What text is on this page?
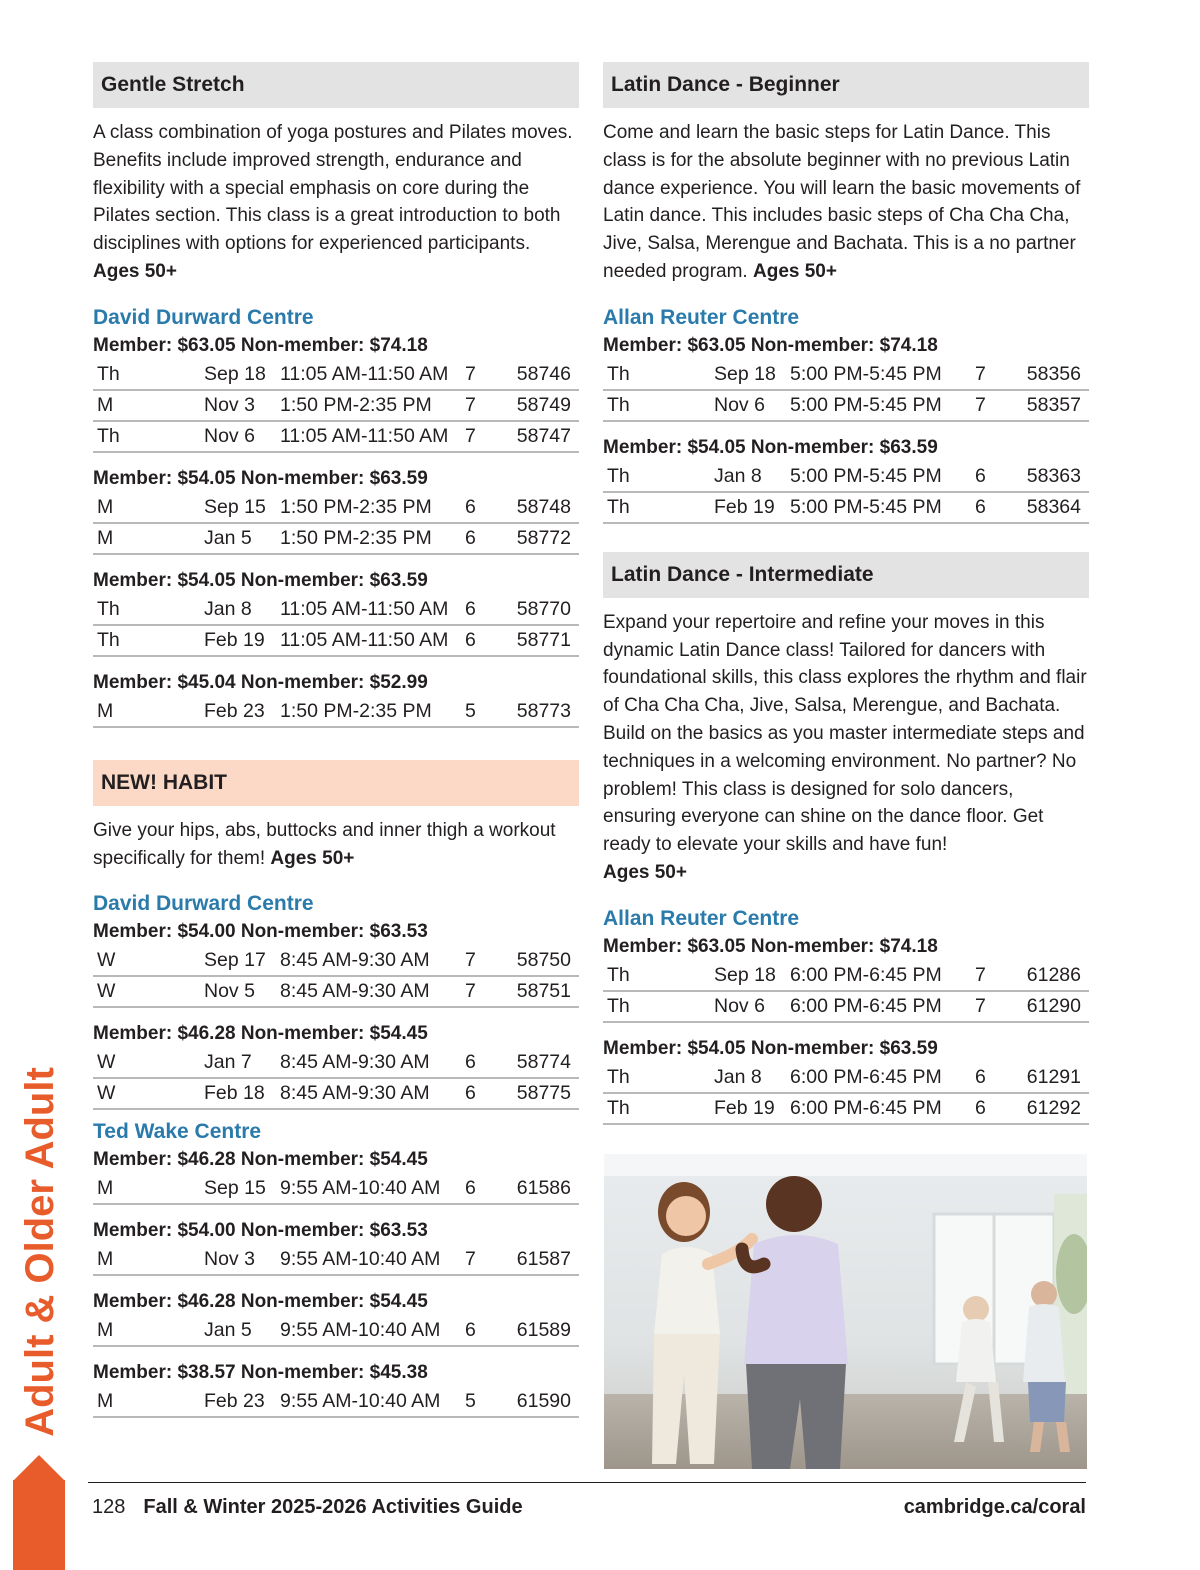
Gentle Stretch
A class combination of yoga postures and Pilates moves. Benefits include improved strength, endurance and flexibility with a special emphasis on core during the Pilates section. This class is a great introduction to both disciplines with options for experienced participants.
Ages 50+
David Durward Centre
Member: $63.05 Non-member: $74.18
Th	Sep 18	11:05 AM-11:50 AM	7	58746
M	Nov 3	1:50 PM-2:35 PM	7	58749
Th	Nov 6	11:05 AM-11:50 AM	7	58747
Member: $54.05 Non-member: $63.59
M	Sep 15	1:50 PM-2:35 PM	6	58748
M	Jan 5	1:50 PM-2:35 PM	6	58772
Member: $54.05 Non-member: $63.59
Th	Jan 8	11:05 AM-11:50 AM	6	58770
Th	Feb 19	11:05 AM-11:50 AM	6	58771
Member: $45.04 Non-member: $52.99
M	Feb 23	1:50 PM-2:35 PM	5	58773
NEW! HABIT
Give your hips, abs, buttocks and inner thigh a workout specifically for them! Ages 50+
David Durward Centre
Member: $54.00 Non-member: $63.53
W	Sep 17	8:45 AM-9:30 AM	7	58750
W	Nov 5	8:45 AM-9:30 AM	7	58751
Member: $46.28 Non-member: $54.45
W	Jan 7	8:45 AM-9:30 AM	6	58774
W	Feb 18	8:45 AM-9:30 AM	6	58775
Ted Wake Centre
Member: $46.28 Non-member: $54.45
M	Sep 15	9:55 AM-10:40 AM	6	61586
Member: $54.00 Non-member: $63.53
M	Nov 3	9:55 AM-10:40 AM	7	61587
Member: $46.28 Non-member: $54.45
M	Jan 5	9:55 AM-10:40 AM	6	61589
Member: $38.57 Non-member: $45.38
M	Feb 23	9:55 AM-10:40 AM	5	61590
Latin Dance - Beginner
Come and learn the basic steps for Latin Dance. This class is for the absolute beginner with no previous Latin dance experience. You will learn the basic movements of Latin dance. This includes basic steps of Cha Cha Cha, Jive, Salsa, Merengue and Bachata. This is a no partner needed program. Ages 50+
Allan Reuter Centre
Member: $63.05 Non-member: $74.18
Th	Sep 18	5:00 PM-5:45 PM	7	58356
Th	Nov 6	5:00 PM-5:45 PM	7	58357
Member: $54.05 Non-member: $63.59
Th	Jan 8	5:00 PM-5:45 PM	6	58363
Th	Feb 19	5:00 PM-5:45 PM	6	58364
Latin Dance - Intermediate
Expand your repertoire and refine your moves in this dynamic Latin Dance class! Tailored for dancers with foundational skills, this class explores the rhythm and flair of Cha Cha Cha, Jive, Salsa, Merengue, and Bachata. Build on the basics as you master intermediate steps and techniques in a welcoming environment. No partner? No problem! This class is designed for solo dancers, ensuring everyone can shine on the dance floor. Get ready to elevate your skills and have fun!
Ages 50+
Allan Reuter Centre
Member: $63.05 Non-member: $74.18
Th	Sep 18	6:00 PM-6:45 PM	7	61286
Th	Nov 6	6:00 PM-6:45 PM	7	61290
Member: $54.05 Non-member: $63.59
Th	Jan 8	6:00 PM-6:45 PM	6	61291
Th	Feb 19	6:00 PM-6:45 PM	6	61292
Adult & Older Adult
128 Fall & Winter 2025-2026 Activities Guide	cambridge.ca/coral
